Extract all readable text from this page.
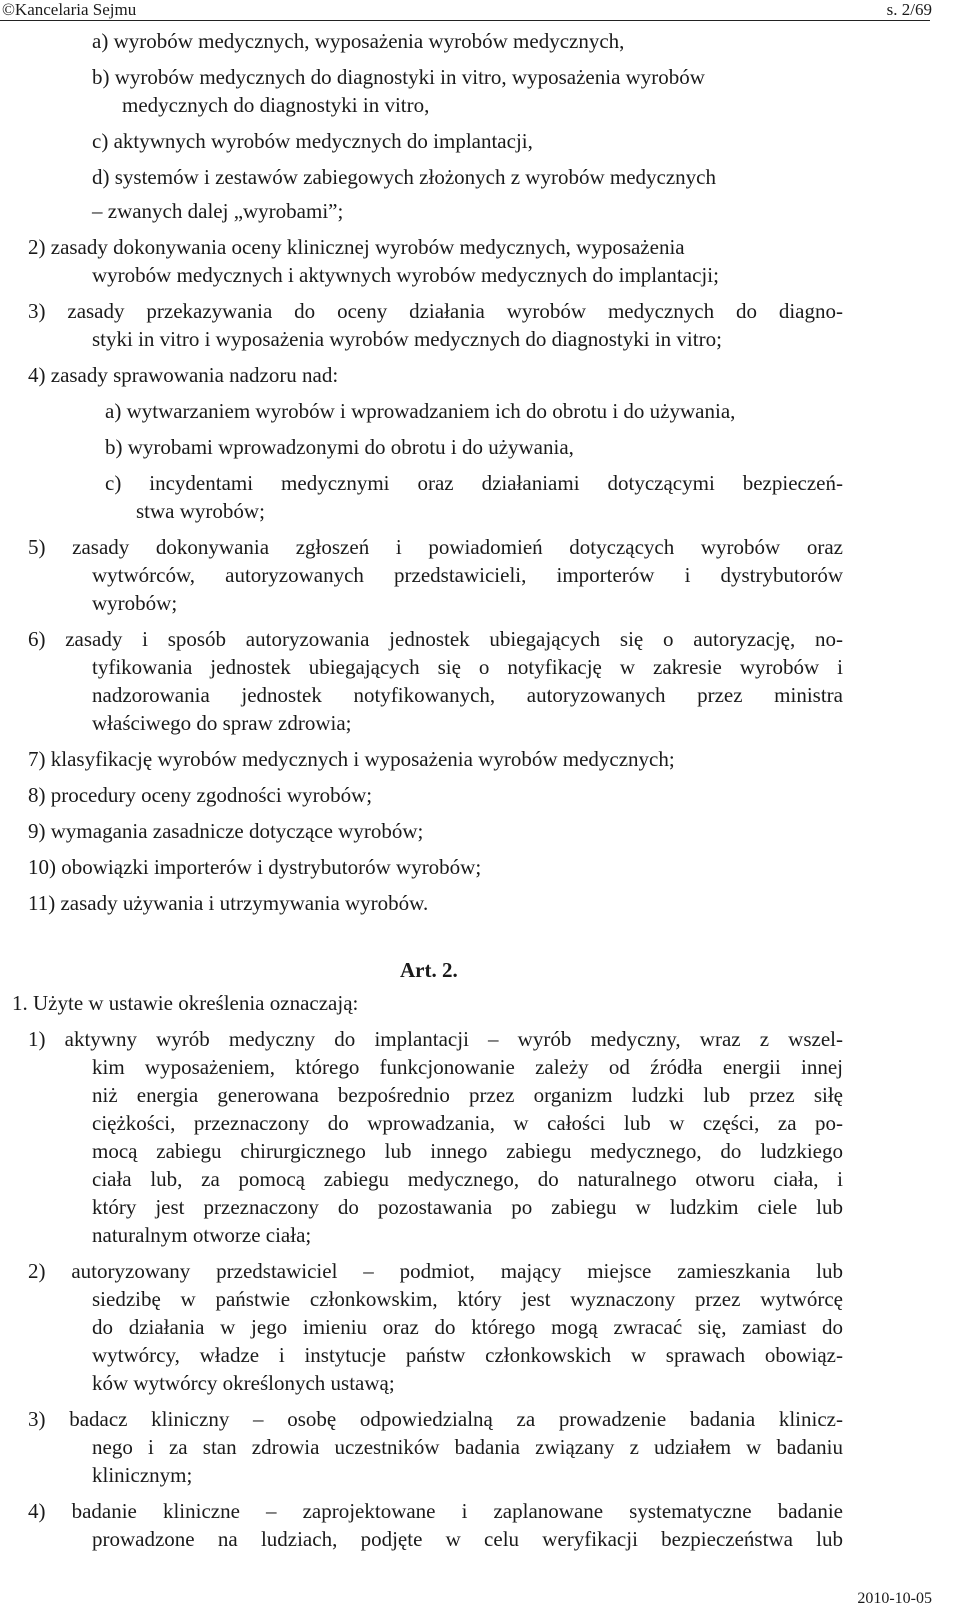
©Kancelaria Sejmu	s. 2/69
a) wyrobów medycznych, wyposażenia wyrobów medycznych,
b) wyrobów medycznych do diagnostyki in vitro, wyposażenia wyrobów
medycznych do diagnostyki in vitro,
c) aktywnych wyrobów medycznych do implantacji,
d) systemów i zestawów zabiegowych złożonych z wyrobów medycznych
– zwanych dalej „wyrobami”;
2) zasady dokonywania oceny klinicznej wyrobów medycznych, wyposażenia
wyrobów medycznych i aktywnych wyrobów medycznych do implantacji;
3) zasady przekazywania do oceny działania wyrobów medycznych do diagno-
styki in vitro i wyposażenia wyrobów medycznych do diagnostyki in vitro;
4) zasady sprawowania nadzoru nad:
a) wytwarzaniem wyrobów i wprowadzaniem ich do obrotu i do używania,
b) wyrobami wprowadzonymi do obrotu i do używania,
c) incydentami medycznymi oraz działaniami dotyczącymi bezpieczeń-
stwa wyrobów;
5) zasady dokonywania zgłoszeń i powiadomień dotyczących wyrobów oraz
wytwórców, autoryzowanych przedstawicieli, importerów i dystrybutorów
wyrobów;
6) zasady i sposób autoryzowania jednostek ubiegających się o autoryzację, no-
tyfikowania jednostek ubiegających się o notyfikację w zakresie wyrobów i
nadzorowania jednostek notyfikowanych, autoryzowanych przez ministra
właściwego do spraw zdrowia;
7) klasyfikację wyrobów medycznych i wyposażenia wyrobów medycznych;
8) procedury oceny zgodności wyrobów;
9) wymagania zasadnicze dotyczące wyrobów;
10) obowiązki importerów i dystrybutorów wyrobów;
11) zasady używania i utrzymywania wyrobów.
Art. 2.
1. Użyte w ustawie określenia oznaczają:
1) aktywny wyrób medyczny do implantacji – wyrób medyczny, wraz z wszel-
kim wyposażeniem, którego funkcjonowanie zależy od źródła energii innej
niż energia generowana bezpośrednio przez organizm ludzki lub przez siłę
ciężkości, przeznaczony do wprowadzania, w całości lub w części, za po-
mocą zabiegu chirurgicznego lub innego zabiegu medycznego, do ludzkiego
ciała lub, za pomocą zabiegu medycznego, do naturalnego otworu ciała, i
który jest przeznaczony do pozostawania po zabiegu w ludzkim ciele lub
naturalnym otworze ciała;
2) autoryzowany przedstawiciel – podmiot, mający miejsce zamieszkania lub
siedzibę w państwie członkowskim, który jest wyznaczony przez wytwórcę
do działania w jego imieniu oraz do którego mogą zwracać się, zamiast do
wytwórcy, władze i instytucje państw członkowskich w sprawach obowiąz-
ków wytwórcy określonych ustawą;
3) badacz kliniczny – osobę odpowiedzialną za prowadzenie badania klinicz-
nego i za stan zdrowia uczestników badania związany z udziałem w badaniu
klinicznym;
4) badanie kliniczne – zaprojektowane i zaplanowane systematyczne badanie
prowadzone na ludziach, podjęte w celu weryfikacji bezpieczeństwa lub
2010-10-05
